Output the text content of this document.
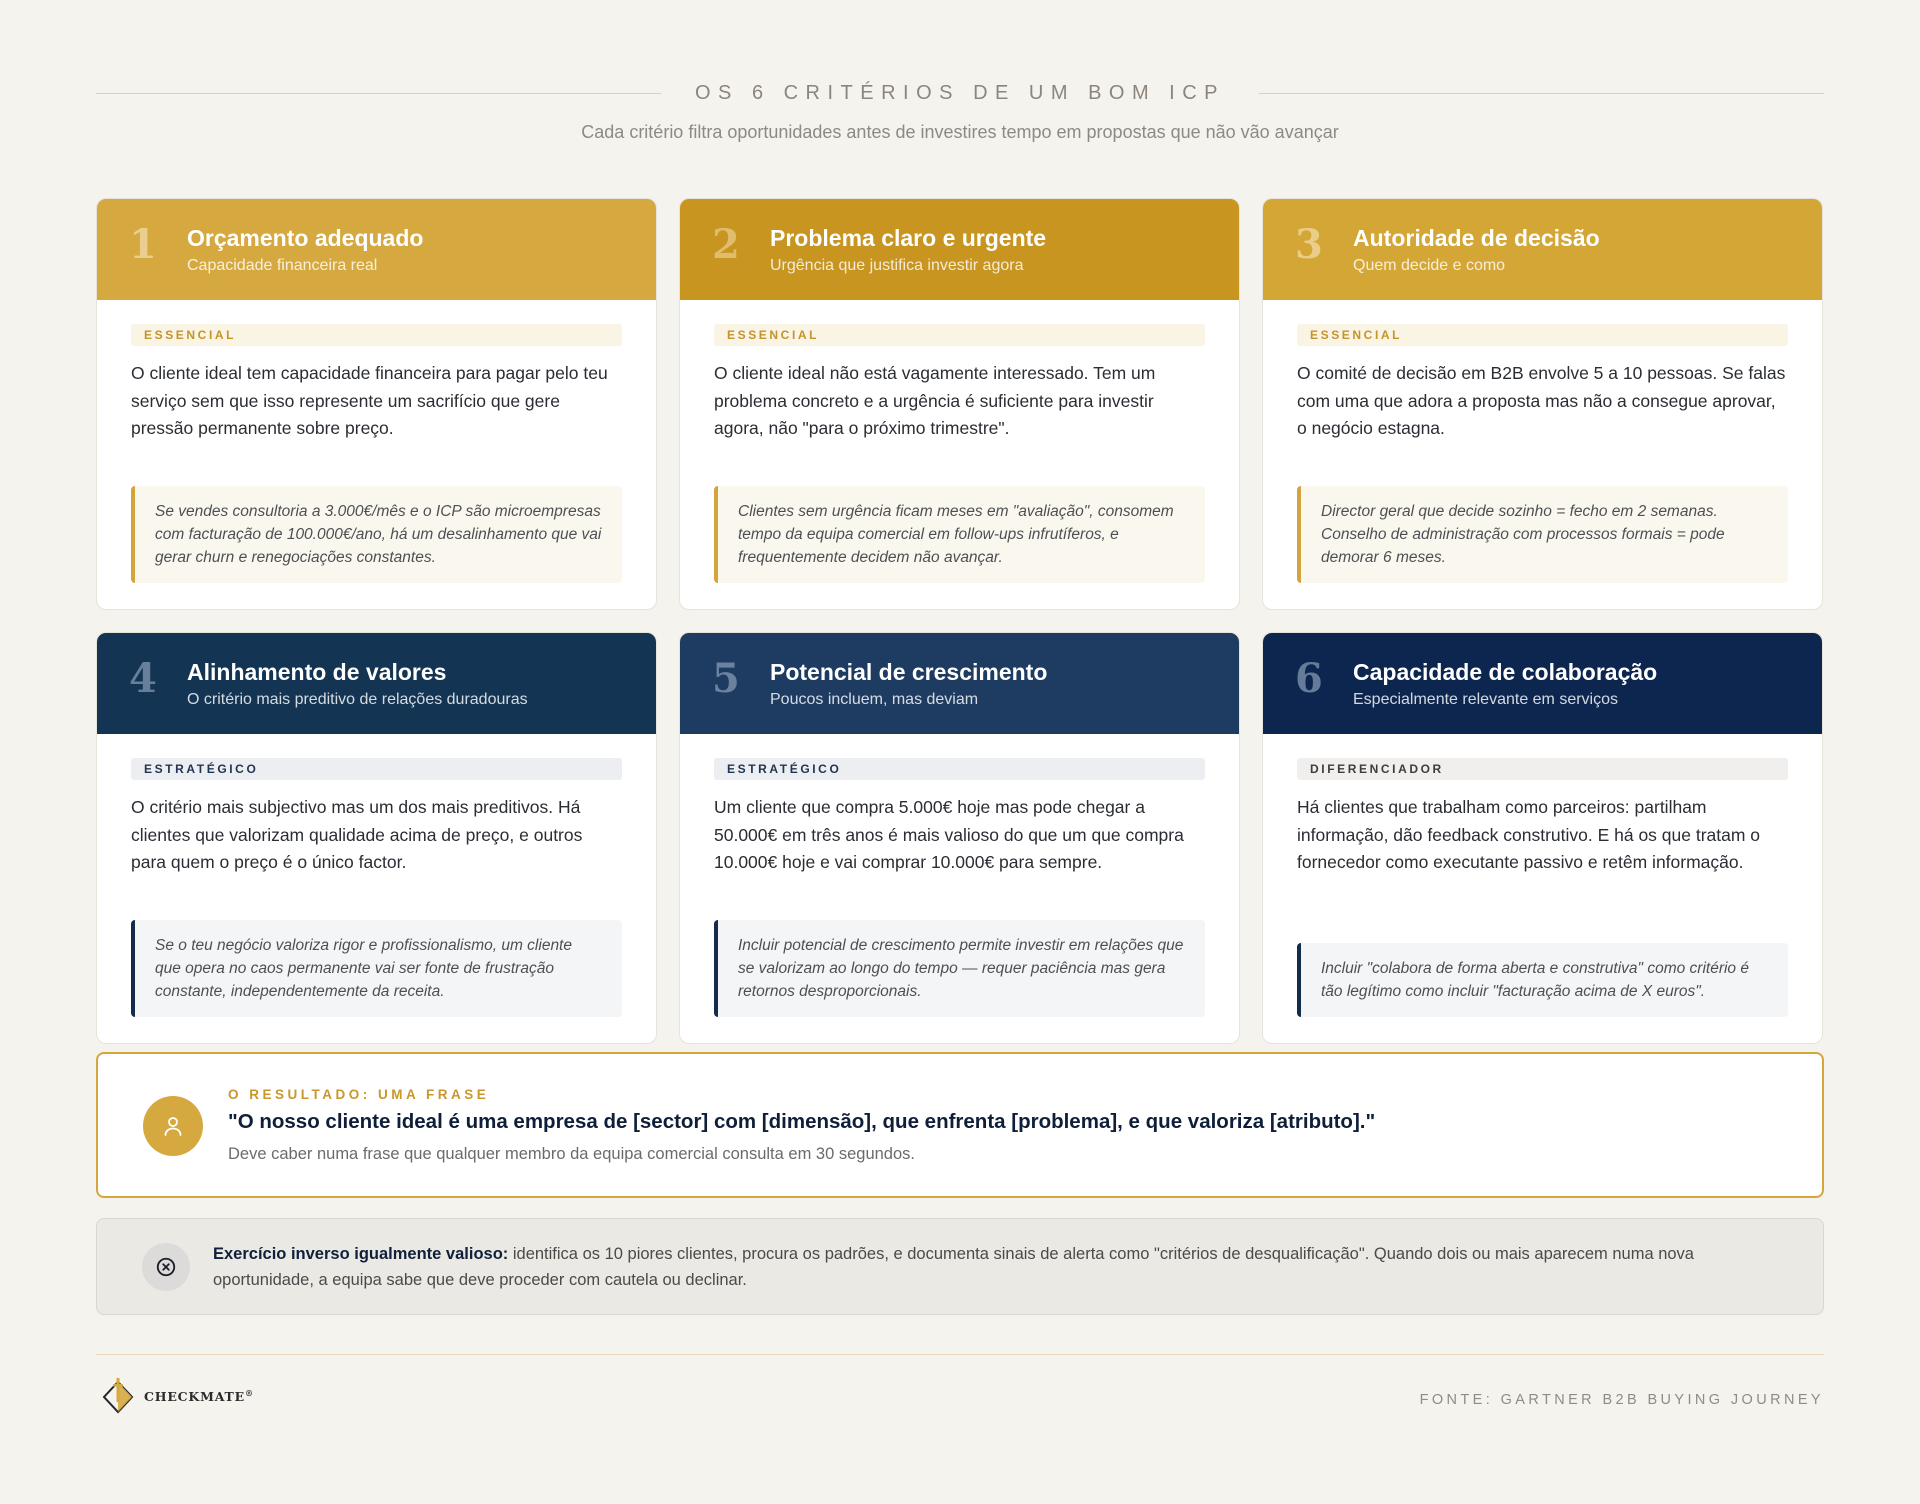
OS 6 CRITÉRIOS DE UM BOM ICP
Cada critério filtra oportunidades antes de investires tempo em propostas que não vão avançar
1 Orçamento adequado
Capacidade financeira real
ESSENCIAL

O cliente ideal tem capacidade financeira para pagar pelo teu serviço sem que isso represente um sacrifício que gere pressão permanente sobre preço.

Se vendes consultoria a 3.000€/mês e o ICP são microempresas com facturação de 100.000€/ano, há um desalinhamento que vai gerar churn e renegociações constantes.
2 Problema claro e urgente
Urgência que justifica investir agora
ESSENCIAL

O cliente ideal não está vagamente interessado. Tem um problema concreto e a urgência é suficiente para investir agora, não "para o próximo trimestre".

Clientes sem urgência ficam meses em "avaliação", consomem tempo da equipa comercial em follow-ups infrutíferos, e frequentemente decidem não avançar.
3 Autoridade de decisão
Quem decide e como
ESSENCIAL

O comité de decisão em B2B envolve 5 a 10 pessoas. Se falas com uma que adora a proposta mas não a consegue aprovar, o negócio estagna.

Director geral que decide sozinho = fecho em 2 semanas. Conselho de administração com processos formais = pode demorar 6 meses.
4 Alinhamento de valores
O critério mais preditivo de relações duradouras
ESTRATÉGICO

O critério mais subjectivo mas um dos mais preditivos. Há clientes que valorizam qualidade acima de preço, e outros para quem o preço é o único factor.

Se o teu negócio valoriza rigor e profissionalismo, um cliente que opera no caos permanente vai ser fonte de frustração constante, independentemente da receita.
5 Potencial de crescimento
Poucos incluem, mas deviam
ESTRATÉGICO

Um cliente que compra 5.000€ hoje mas pode chegar a 50.000€ em três anos é mais valioso do que um que compra 10.000€ hoje e vai comprar 10.000€ para sempre.

Incluir potencial de crescimento permite investir em relações que se valorizam ao longo do tempo — requer paciência mas gera retornos desproporcionais.
6 Capacidade de colaboração
Especialmente relevante em serviços
DIFERENCIADOR

Há clientes que trabalham como parceiros: partilham informação, dão feedback construtivo. E há os que tratam o fornecedor como executante passivo e retêm informação.

Incluir "colabora de forma aberta e construtiva" como critério é tão legítimo como incluir "facturação acima de X euros".
O RESULTADO: UMA FRASE
"O nosso cliente ideal é uma empresa de [sector] com [dimensão], que enfrenta [problema], e que valoriza [atributo]."
Deve caber numa frase que qualquer membro da equipa comercial consulta em 30 segundos.

Exercício inverso igualmente valioso: identifica os 10 piores clientes, procura os padrões, e documenta sinais de alerta como "critérios de desqualificação". Quando dois ou mais aparecem numa nova oportunidade, a equipa sabe que deve proceder com cautela ou declinar.

CHECKMATE®	FONTE: GARTNER B2B BUYING JOURNEY
